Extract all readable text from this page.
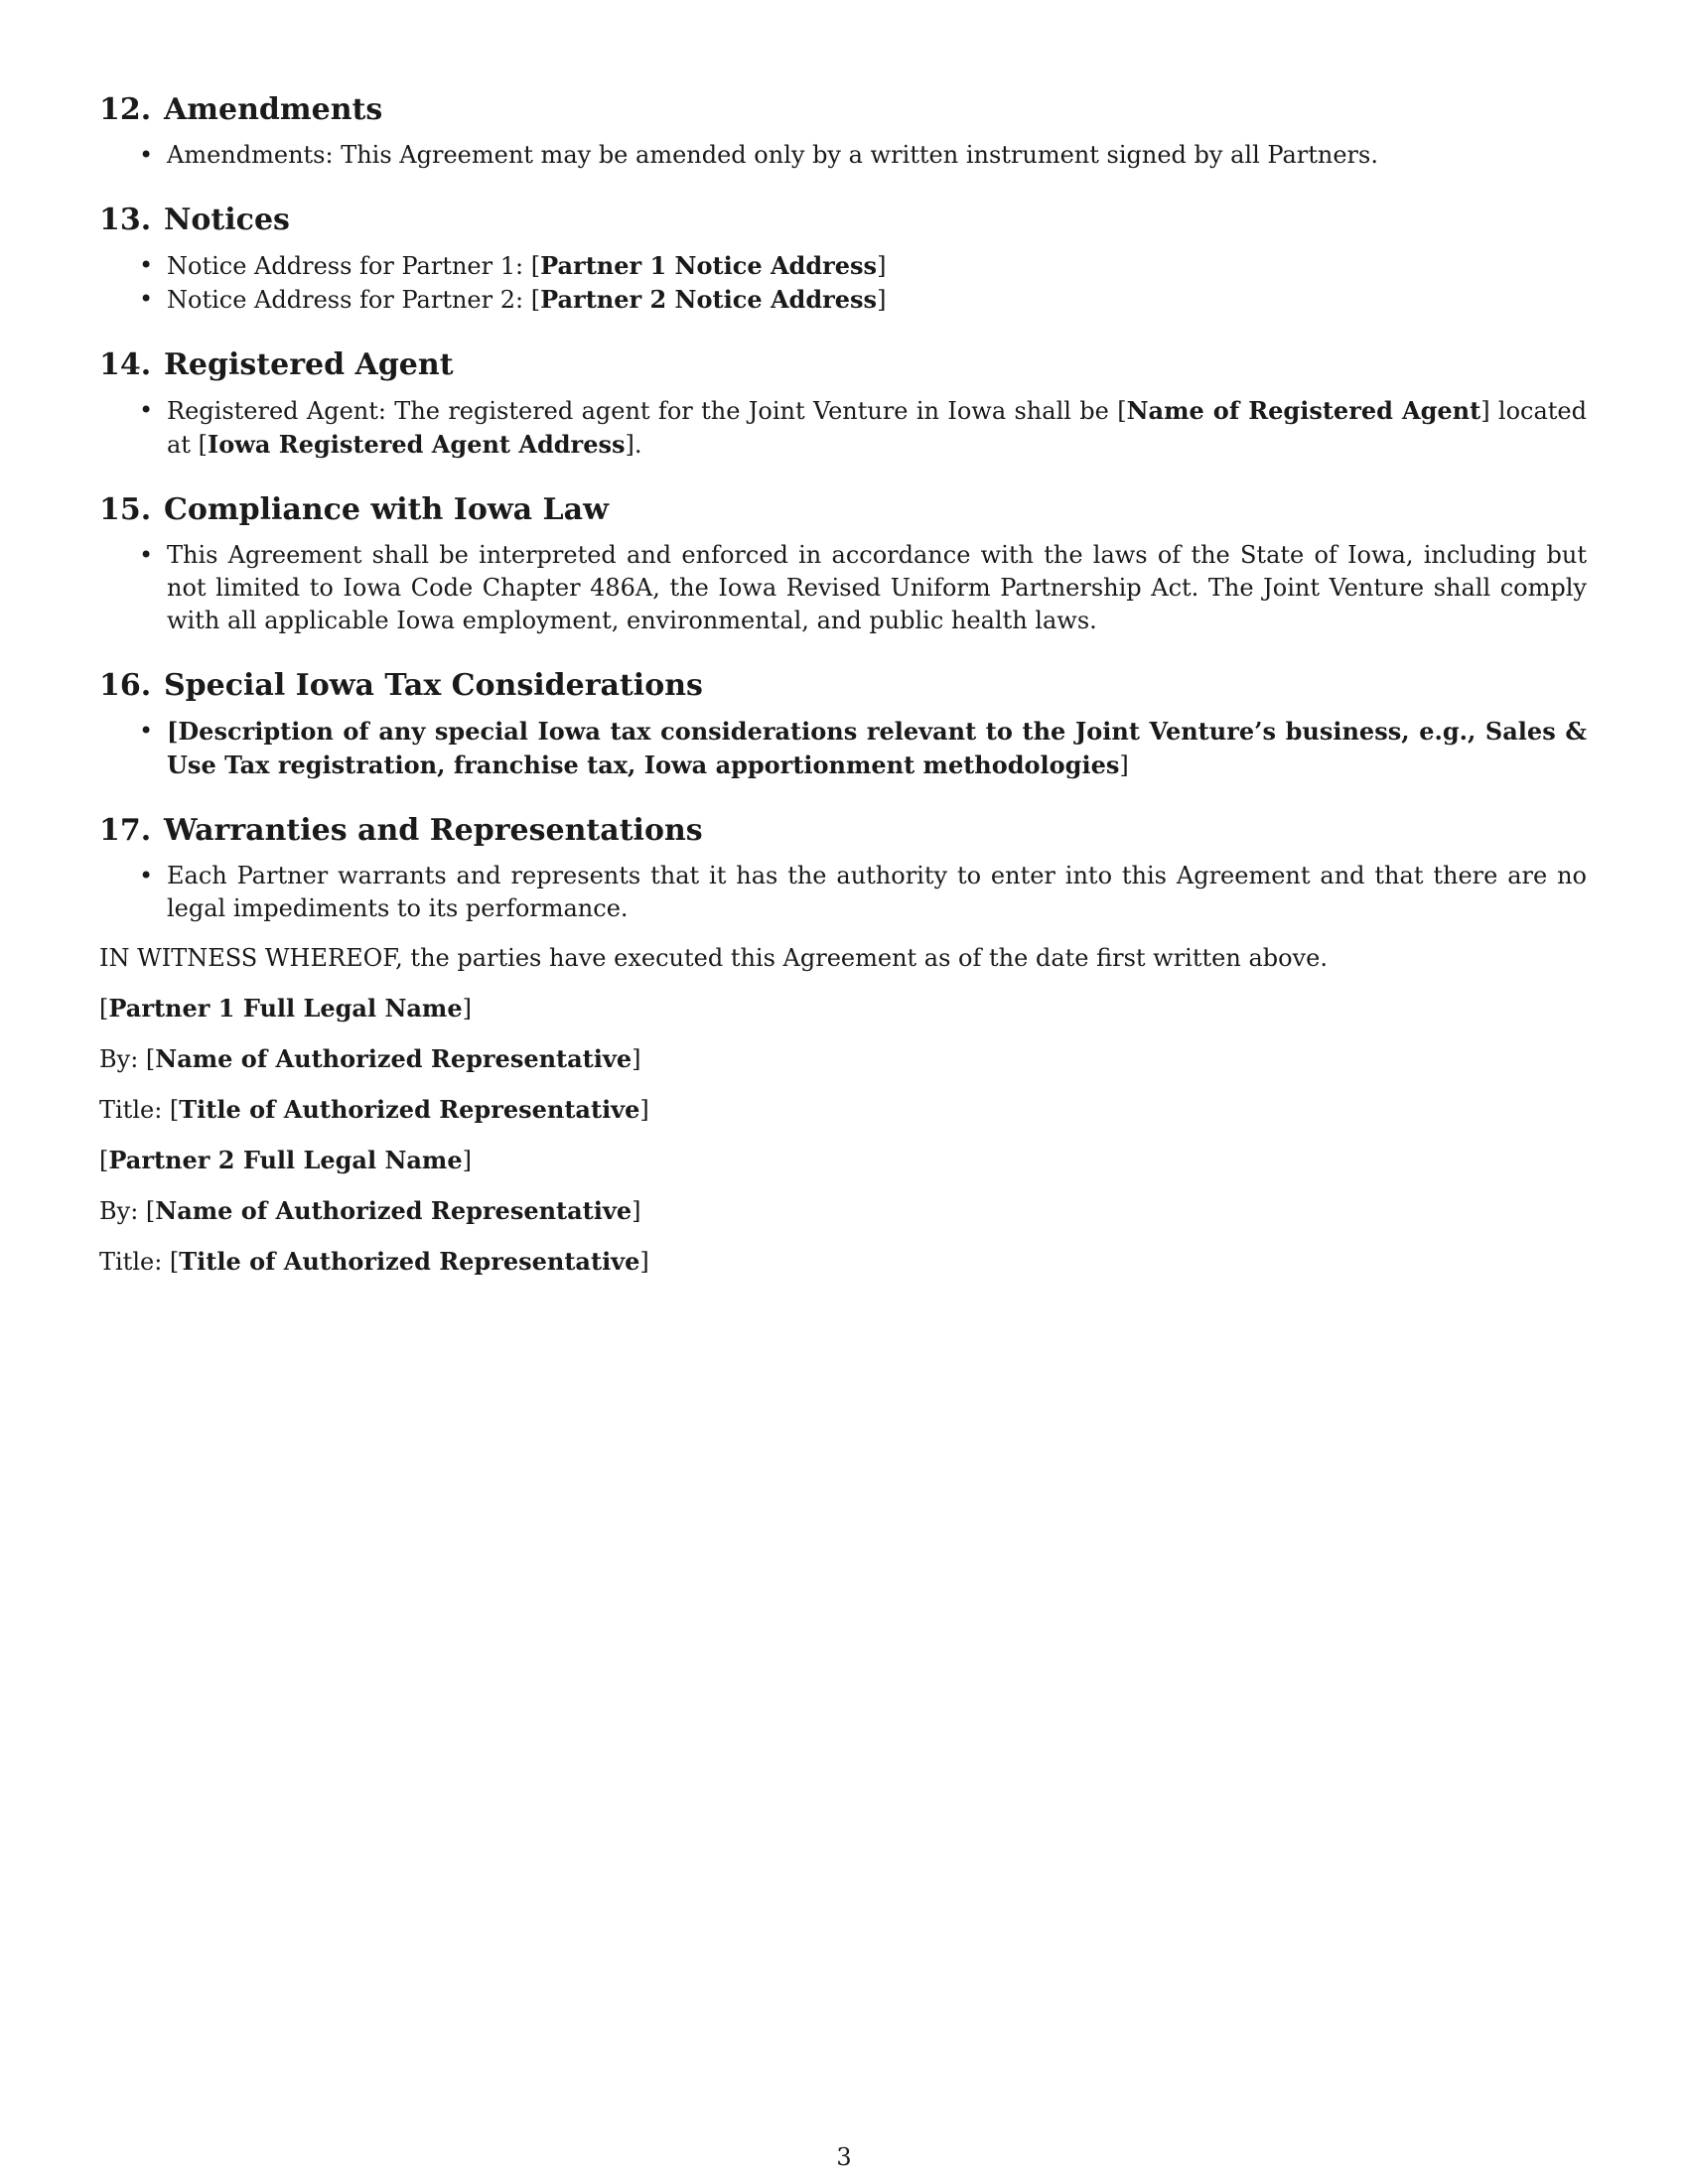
12. Amendments
• Amendments: This Agreement may be amended only by a written instrument signed by all Partners.
13. Notices
• Notice Address for Partner 1: [Partner 1 Notice Address]
• Notice Address for Partner 2: [Partner 2 Notice Address]
14. Registered Agent
• Registered Agent: The registered agent for the Joint Venture in Iowa shall be [Name of Registered Agent] located at [Iowa Registered Agent Address].
15. Compliance with Iowa Law
• This Agreement shall be interpreted and enforced in accordance with the laws of the State of Iowa, including but not limited to Iowa Code Chapter 486A, the Iowa Revised Uniform Partnership Act. The Joint Venture shall comply with all applicable Iowa employment, environmental, and public health laws.
16. Special Iowa Tax Considerations
• [Description of any special Iowa tax considerations relevant to the Joint Venture’s business, e.g., Sales & Use Tax registration, franchise tax, Iowa apportionment methodologies]
17. Warranties and Representations
• Each Partner warrants and represents that it has the authority to enter into this Agreement and that there are no legal impediments to its performance.

IN WITNESS WHEREOF, the parties have executed this Agreement as of the date first written above.

[Partner 1 Full Legal Name]

By: [Name of Authorized Representative]

Title: [Title of Authorized Representative]

[Partner 2 Full Legal Name]

By: [Name of Authorized Representative]

Title: [Title of Authorized Representative]

3
